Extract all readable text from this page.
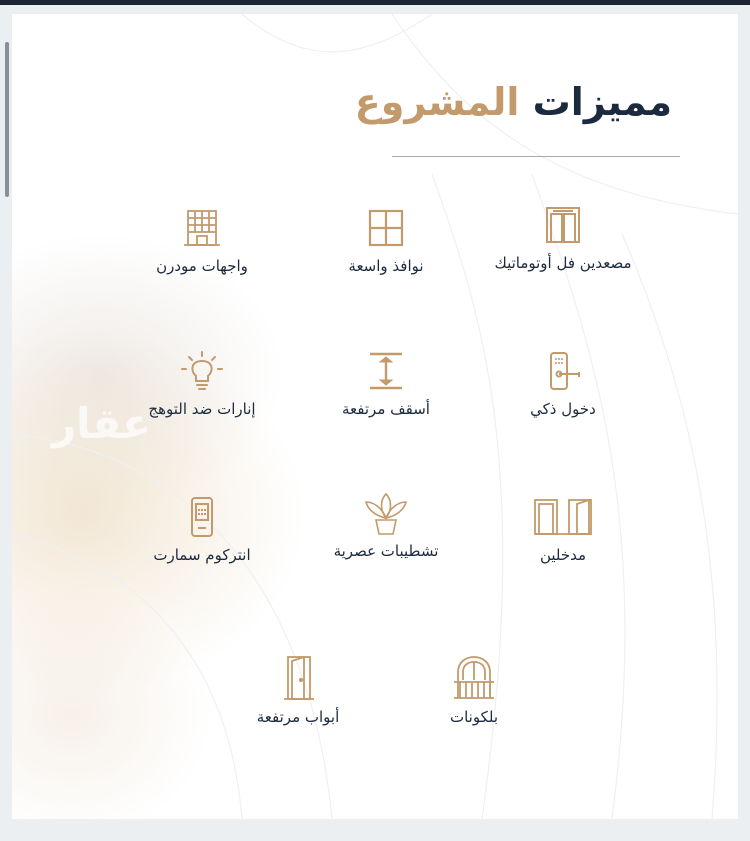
عقار
مميزات المشروع
مصعدين فل أوتوماتيك
نوافذ واسعة
واجهات مودرن
دخول ذكي
أسقف مرتفعة
إنارات ضد التوهج
مدخلين
تشطيبات عصرية
انتركوم سمارت
بلكونات
أبواب مرتفعة
